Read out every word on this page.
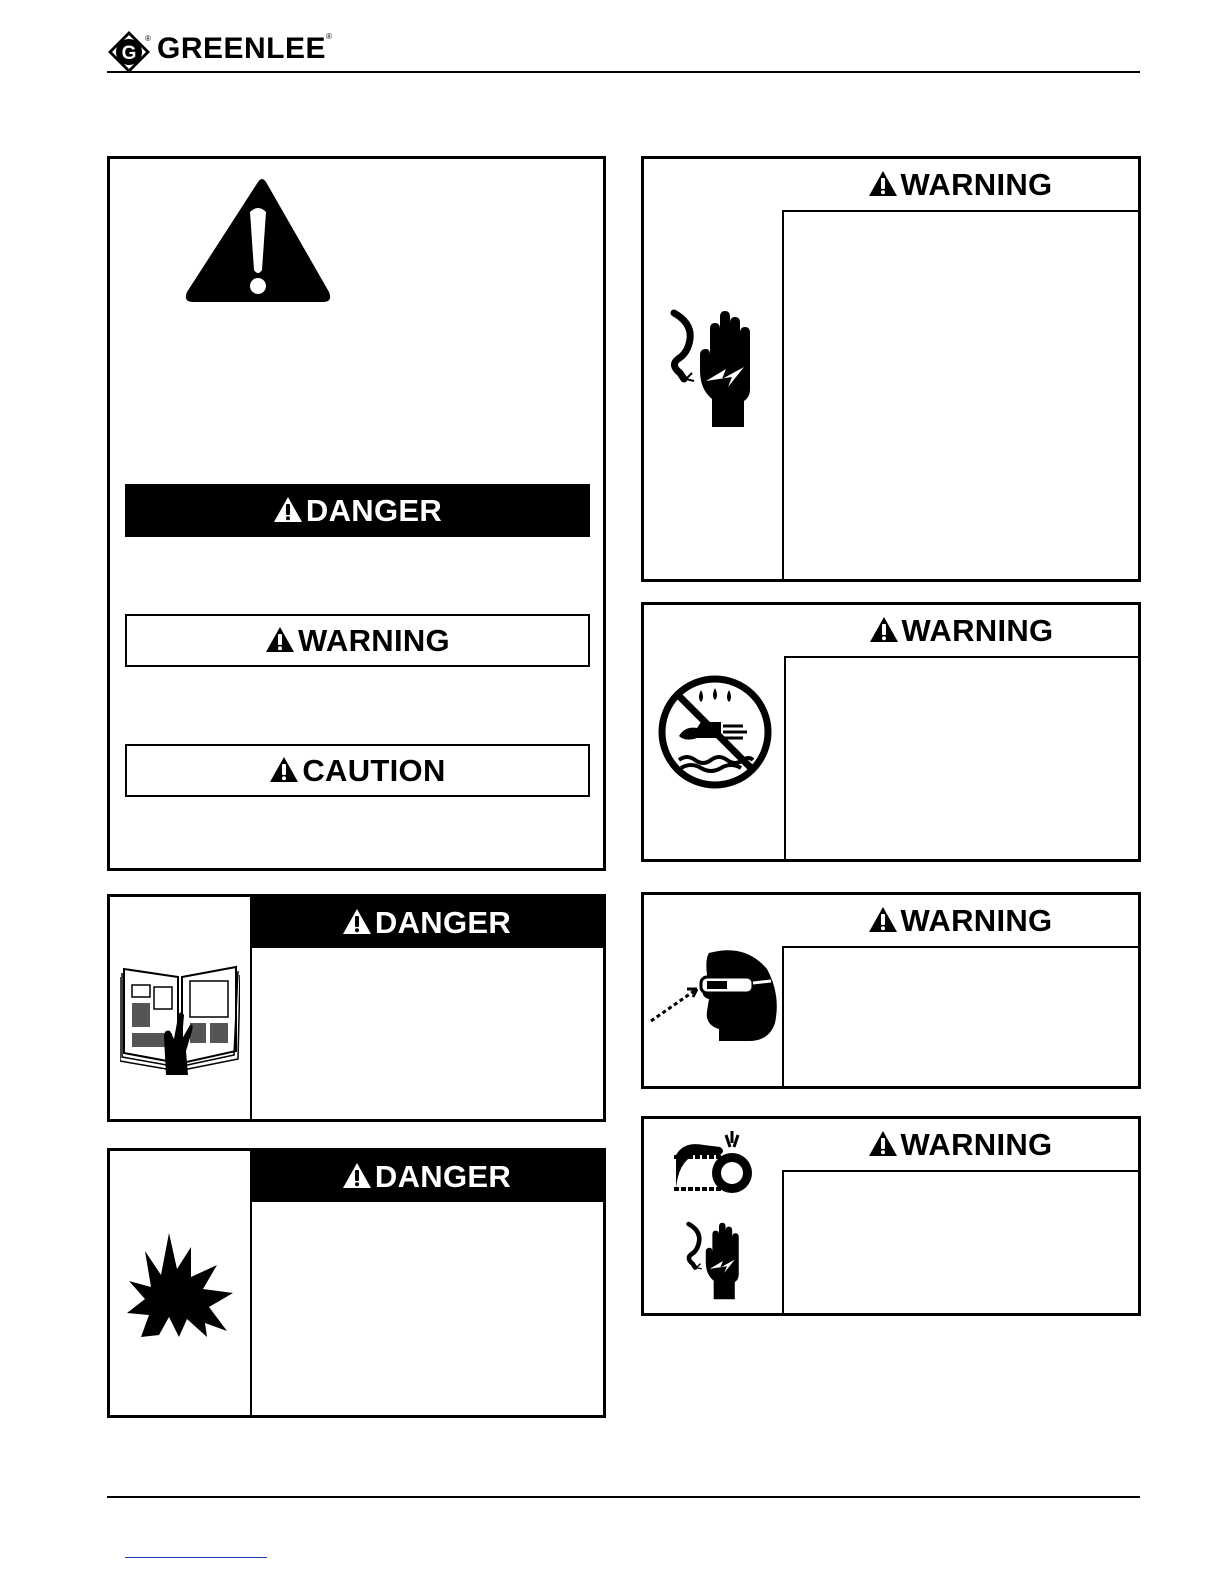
G
® GREENLEE®
DANGER
WARNING
CAUTION
DANGER
DANGER
WARNING
WARNING
WARNING
WARNING
